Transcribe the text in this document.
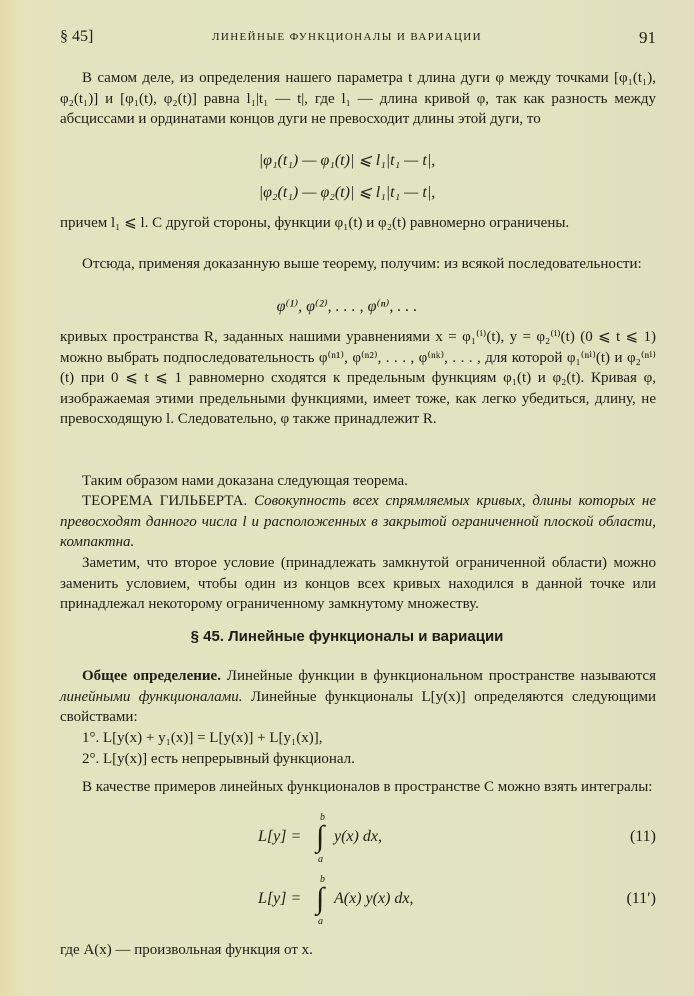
§ 45]	ЛИНЕЙНЫЕ ФУНКЦИОНАЛЫ И ВАРИАЦИИ	91
В самом деле, из определения нашего параметра t длина дуги φ между точками [φ₁(t₁), φ₂(t₁)] и [φ₁(t), φ₂(t)] равна l₁|t₁ — t|, где l₁ — длина кривой φ, так как разность между абсциссами и ординатами концов дуги не превосходит длины этой дуги, то
|φ₁(t₁) — φ₁(t)| ⩽ l₁|t₁ — t|,
|φ₂(t₁) — φ₂(t)| ⩽ l₁|t₁ — t|,
причем l₁ ⩽ l. С другой стороны, функции φ₁(t) и φ₂(t) равномерно ограничены.
Отсюда, применяя доказанную выше теорему, получим: из всякой последовательности:
φ⁽¹⁾, φ⁽²⁾, . . . , φ⁽ⁿ⁾, . . .
кривых пространства R, заданных нашими уравнениями x = φ₁⁽ⁱ⁾(t), y = φ₂⁽ⁱ⁾(t) (0 ⩽ t ⩽ 1) можно выбрать подпоследовательность φ⁽ⁿ¹⁾, φ⁽ⁿ²⁾, . . . , φ⁽ⁿᵏ⁾, . . . , для которой φ₁⁽ⁿⁱ⁾(t) и φ₂⁽ⁿⁱ⁾(t) при 0 ⩽ t ⩽ 1 равномерно сходятся к предельным функциям φ₁(t) и φ₂(t). Кривая φ, изображаемая этими предельными функциями, имеет тоже, как легко убедиться, длину, не превосходящую l. Следовательно, φ также принадлежит R.
Таким образом нами доказана следующая теорема.
ТЕОРЕМА ГИЛЬБЕРТА. Совокупность всех спрямляемых кривых, длины которых не превосходят данного числа l и расположенных в закрытой ограниченной плоской области, компактна.
Заметим, что второе условие (принадлежать замкнутой ограниченной области) можно заменить условием, чтобы один из концов всех кривых находился в данной точке или принадлежал некоторому ограниченному замкнутому множеству.
§ 45. Линейные функционалы и вариации
Общее определение. Линейные функции в функциональном пространстве называются линейными функционалами. Линейные функционалы L[y(x)] определяются следующими свойствами:
1°. L[y(x) + y₁(x)] = L[y(x)] + L[y₁(x)],
2°. L[y(x)] есть непрерывный функционал.
В качестве примеров линейных функционалов в пространстве C можно взять интегралы:
L[y] =
b
∫
a
y(x) dx,	(11)
L[y] =
b
∫
a
A(x) y(x) dx,	(11′)
где A(x) — произвольная функция от x.
